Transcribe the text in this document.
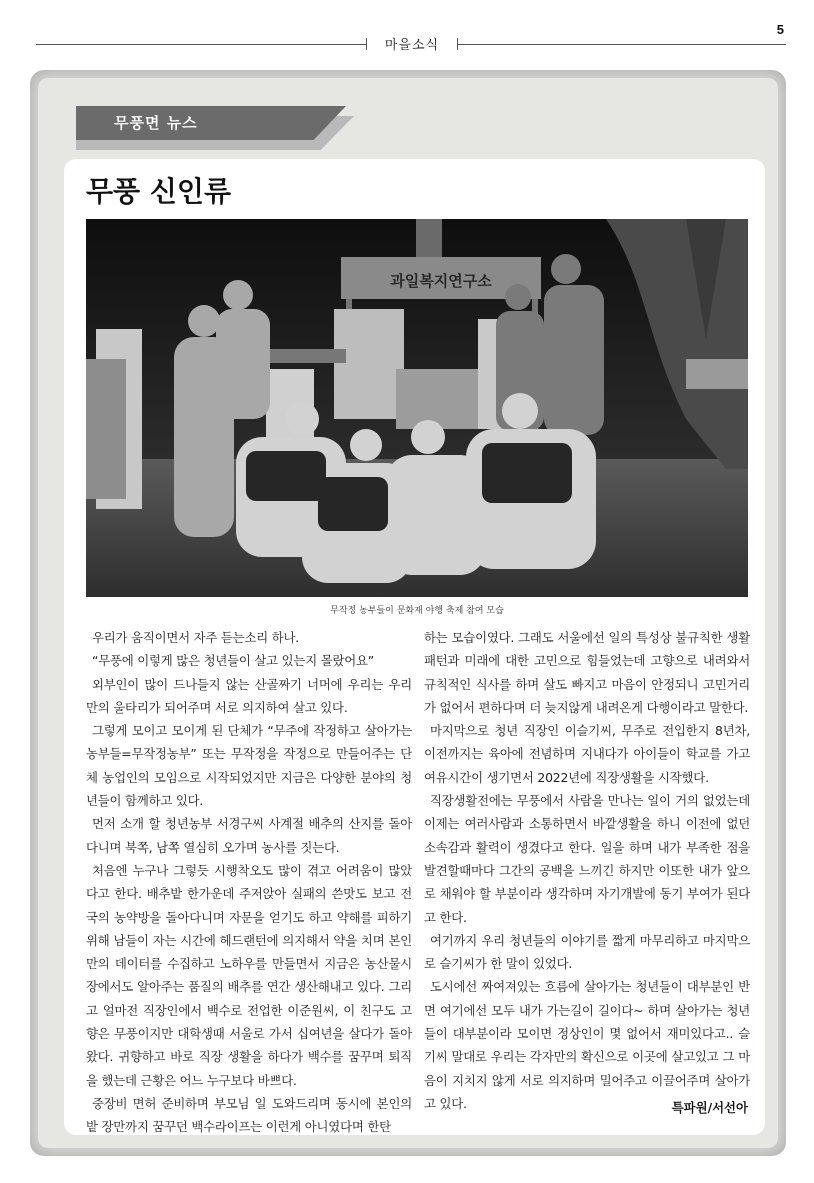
5
마을소식
무풍면 뉴스
무풍 신인류
과일복지연구소
무작정 농부들이 문화재 야행 축제 참여 모습

우리가 움직이면서 자주 듣는소리 하나.

“무풍에 이렇게 많은 청년들이 살고 있는지 몰랐어요”

외부인이 많이 드나들지 않는 산골짜기 너머에 우리는 우리만의 울타리가 되어주며 서로 의지하여 살고 있다.

그렇게 모이고 모이게 된 단체가 “무주에 작정하고 살아가는 농부들=무작정농부” 또는 무작정을 작정으로 만들어주는 단체 농업인의 모임으로 시작되었지만 지금은 다양한 분야의 청년들이 함께하고 있다.

먼저 소개 할 청년농부 서경구씨 사계절 배추의 산지를 돌아다니며 북쪽, 남쪽 열심히 오가며 농사를 짓는다.

처음엔 누구나 그렇듯 시행착오도 많이 겪고 어려움이 많았다고 한다. 배추밭 한가운데 주저앉아 실패의 쓴맛도 보고 전국의 농약방을 돌아다니며 자문을 얻기도 하고 약해를 피하기 위해 남들이 자는 시간에 헤드랜턴에 의지해서 약을 치며 본인만의 데이터를 수집하고 노하우를 만들면서 지금은 농산물시장에서도 알아주는 품질의 배추를 연간 생산해내고 있다. 그리고 얼마전 직장인에서 백수로 전업한 이준원씨, 이 친구도 고향은 무풍이지만 대학생때 서울로 가서 십여년을 살다가 돌아왔다. 귀향하고 바로 직장 생활을 하다가 백수를 꿈꾸며 퇴직을 했는데 근황은 어느 누구보다 바쁘다.

중장비 면허 준비하며 부모님 일 도와드리며 동시에 본인의 밭 장만까지 꿈꾸던 백수라이프는 이런게 아니였다며 한탄

하는 모습이였다. 그래도 서울에선 일의 특성상 불규칙한 생활패턴과 미래에 대한 고민으로 힘들었는데 고향으로 내려와서 규칙적인 식사를 하며 살도 빠지고 마음이 안정되니 고민거리가 없어서 편하다며 더 늦지않게 내려온게 다행이라고 말한다.

마지막으로 청년 직장인 이슬기씨, 무주로 전입한지 8년차, 이전까지는 육아에 전념하며 지내다가 아이들이 학교를 가고 여유시간이 생기면서 2022년에 직장생활을 시작했다.

직장생활전에는 무풍에서 사람을 만나는 일이 거의 없었는데 이제는 여러사람과 소통하면서 바깥생활을 하니 이전에 없던 소속감과 활력이 생겼다고 한다. 일을 하며 내가 부족한 점을 발견할때마다 그간의 공백을 느끼긴 하지만 이또한 내가 앞으로 채워야 할 부분이라 생각하며 자기개발에 동기 부여가 된다고 한다.

여기까지 우리 청년들의 이야기를 짧게 마무리하고 마지막으로 슬기씨가 한 말이 있었다.

도시에선 짜여져있는 흐름에 살아가는 청년들이 대부분인 반면 여기에선 모두 내가 가는길이 길이다~ 하며 살아가는 청년들이 대부분이라 모이면 정상인이 몇 없어서 재미있다고.. 슬기씨 말대로 우리는 각자만의 확신으로 이곳에 살고있고 그 마음이 지치지 않게 서로 의지하며 밀어주고 이끌어주며 살아가고 있다.	특파원/서선아
